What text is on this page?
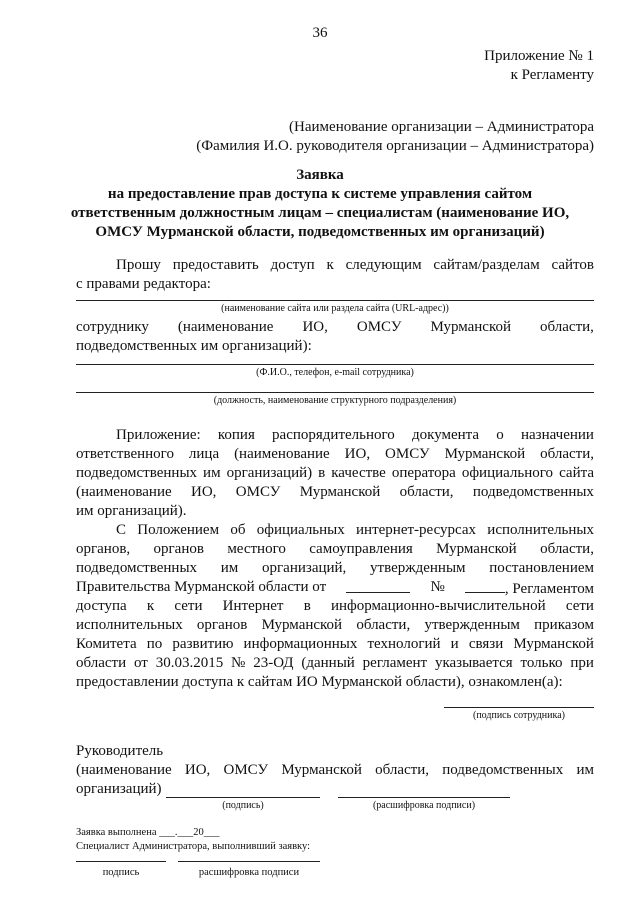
36
Приложение № 1
к Регламенту
(Наименование организации – Администратора
(Фамилия И.О. руководителя организации – Администратора)
Заявка
на предоставление прав доступа к системе управления сайтом
ответственным должностным лицам – специалистам (наименование ИО,
ОМСУ Мурманской области, подведомственных им организаций)
Прошу предоставить доступ к следующим сайтам/разделам сайтов
с правами редактора:
(наименование сайта или раздела сайта (URL-адрес))
сотруднику (наименование ИО, ОМСУ Мурманской области,
подведомственных им организаций):
(Ф.И.О., телефон, e-mail сотрудника)
(должность, наименование структурного подразделения)
Приложение: копия распорядительного документа о назначении
ответственного лица (наименование ИО, ОМСУ Мурманской области,
подведомственных им организаций) в качестве оператора официального сайта
(наименование ИО, ОМСУ Мурманской области, подведомственных
им организаций).
С Положением об официальных интернет-ресурсах исполнительных
органов, органов местного самоуправления Мурманской области,
подведомственных им организаций, утвержденным постановлением
Правительства Мурманской области от	№	, Регламентом
доступа к сети Интернет в информационно-вычислительной сети
исполнительных органов Мурманской области, утвержденным приказом
Комитета по развитию информационных технологий и связи Мурманской
области от 30.03.2015 № 23-ОД (данный регламент указывается только при
предоставлении доступа к сайтам ИО Мурманской области), ознакомлен(а):
(подпись сотрудника)
Руководитель
(наименование ИО, ОМСУ Мурманской области, подведомственных им
организаций)
(подпись)	(расшифровка подписи)
Заявка выполнена ___.___20___
Специалист Администратора, выполнивший заявку:
подпись	расшифровка подписи
